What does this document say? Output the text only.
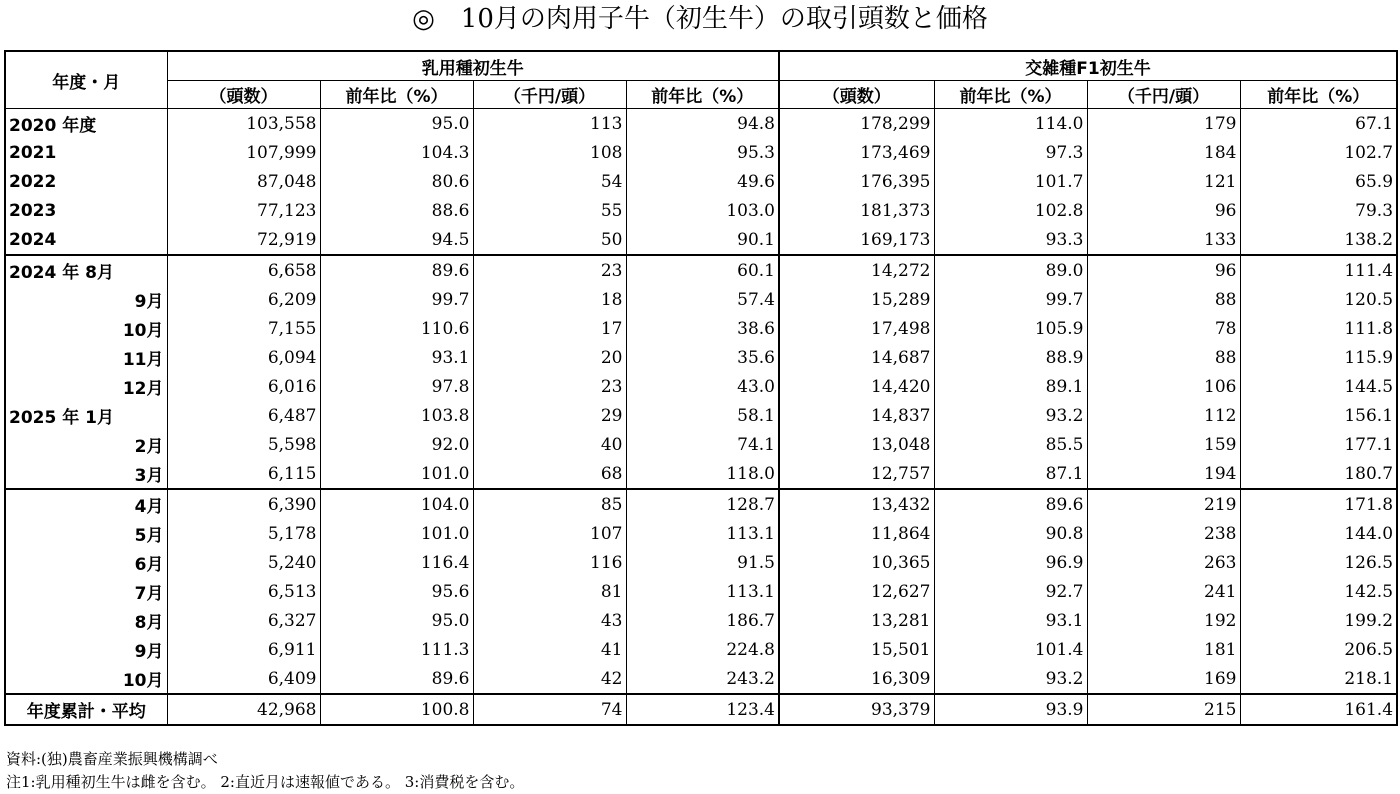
◎　10月の肉用子牛（初生牛）の取引頭数と価格
年度・月	乳用種初生牛				交雑種F1初生牛			
	（頭数）	前年比（%）	（千円/頭）	前年比（%）	（頭数）	前年比（%）	（千円/頭）	前年比（%）
2020 年度	103,558	95.0	113	94.8	178,299	114.0	179	67.1
2021	107,999	104.3	108	95.3	173,469	97.3	184	102.7
2022	87,048	80.6	54	49.6	176,395	101.7	121	65.9
2023	77,123	88.6	55	103.0	181,373	102.8	96	79.3
2024	72,919	94.5	50	90.1	169,173	93.3	133	138.2
2024 年 8月	6,658	89.6	23	60.1	14,272	89.0	96	111.4
9月	6,209	99.7	18	57.4	15,289	99.7	88	120.5
10月	7,155	110.6	17	38.6	17,498	105.9	78	111.8
11月	6,094	93.1	20	35.6	14,687	88.9	88	115.9
12月	6,016	97.8	23	43.0	14,420	89.1	106	144.5
2025 年 1月	6,487	103.8	29	58.1	14,837	93.2	112	156.1
2月	5,598	92.0	40	74.1	13,048	85.5	159	177.1
3月	6,115	101.0	68	118.0	12,757	87.1	194	180.7
4月	6,390	104.0	85	128.7	13,432	89.6	219	171.8
5月	5,178	101.0	107	113.1	11,864	90.8	238	144.0
6月	5,240	116.4	116	91.5	10,365	96.9	263	126.5
7月	6,513	95.6	81	113.1	12,627	92.7	241	142.5
8月	6,327	95.0	43	186.7	13,281	93.1	192	199.2
9月	6,911	111.3	41	224.8	15,501	101.4	181	206.5
10月	6,409	89.6	42	243.2	16,309	93.2	169	218.1
年度累計・平均	42,968	100.8	74	123.4	93,379	93.9	215	161.4
資料:(独)農畜産業振興機構調べ
注1:乳用種初生牛は雌を含む。 2:直近月は速報値である。 3:消費税を含む。
